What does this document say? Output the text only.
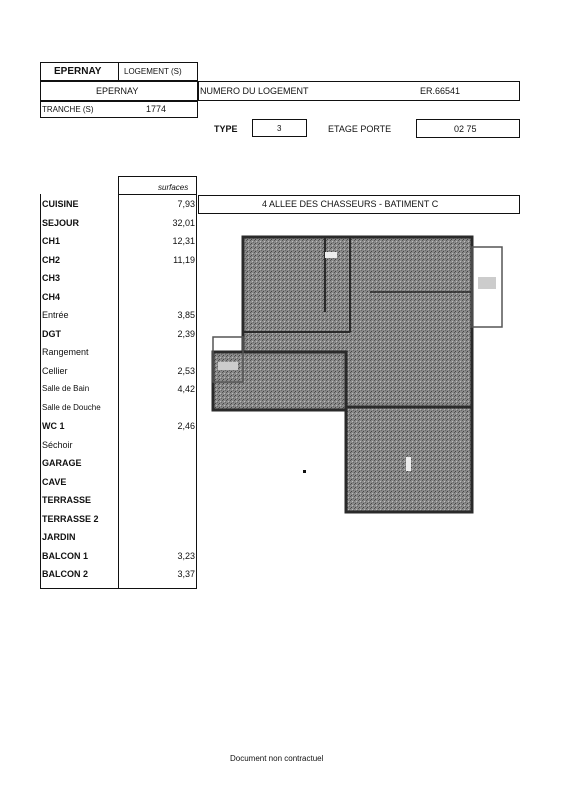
EPERNAY	LOGEMENT (S)
EPERNAY	NUMERO DU LOGEMENT	ER.66541
TRANCHE (S)	1774
TYPE	3	ETAGE PORTE	02 75
4 ALLEE DES CHASSEURS - BATIMENT C
surfaces
CUISINE	7,93
SEJOUR	32,01
CH1	12,31
CH2	11,19
CH3
CH4
Entrée	3,85
DGT	2,39
Rangement
Cellier	2,53
Salle de Bain	4,42
Salle de Douche
WC 1	2,46
Séchoir
GARAGE
CAVE
TERRASSE
TERRASSE 2
JARDIN
BALCON 1	3,23
BALCON 2	3,37
Document non contractuel
